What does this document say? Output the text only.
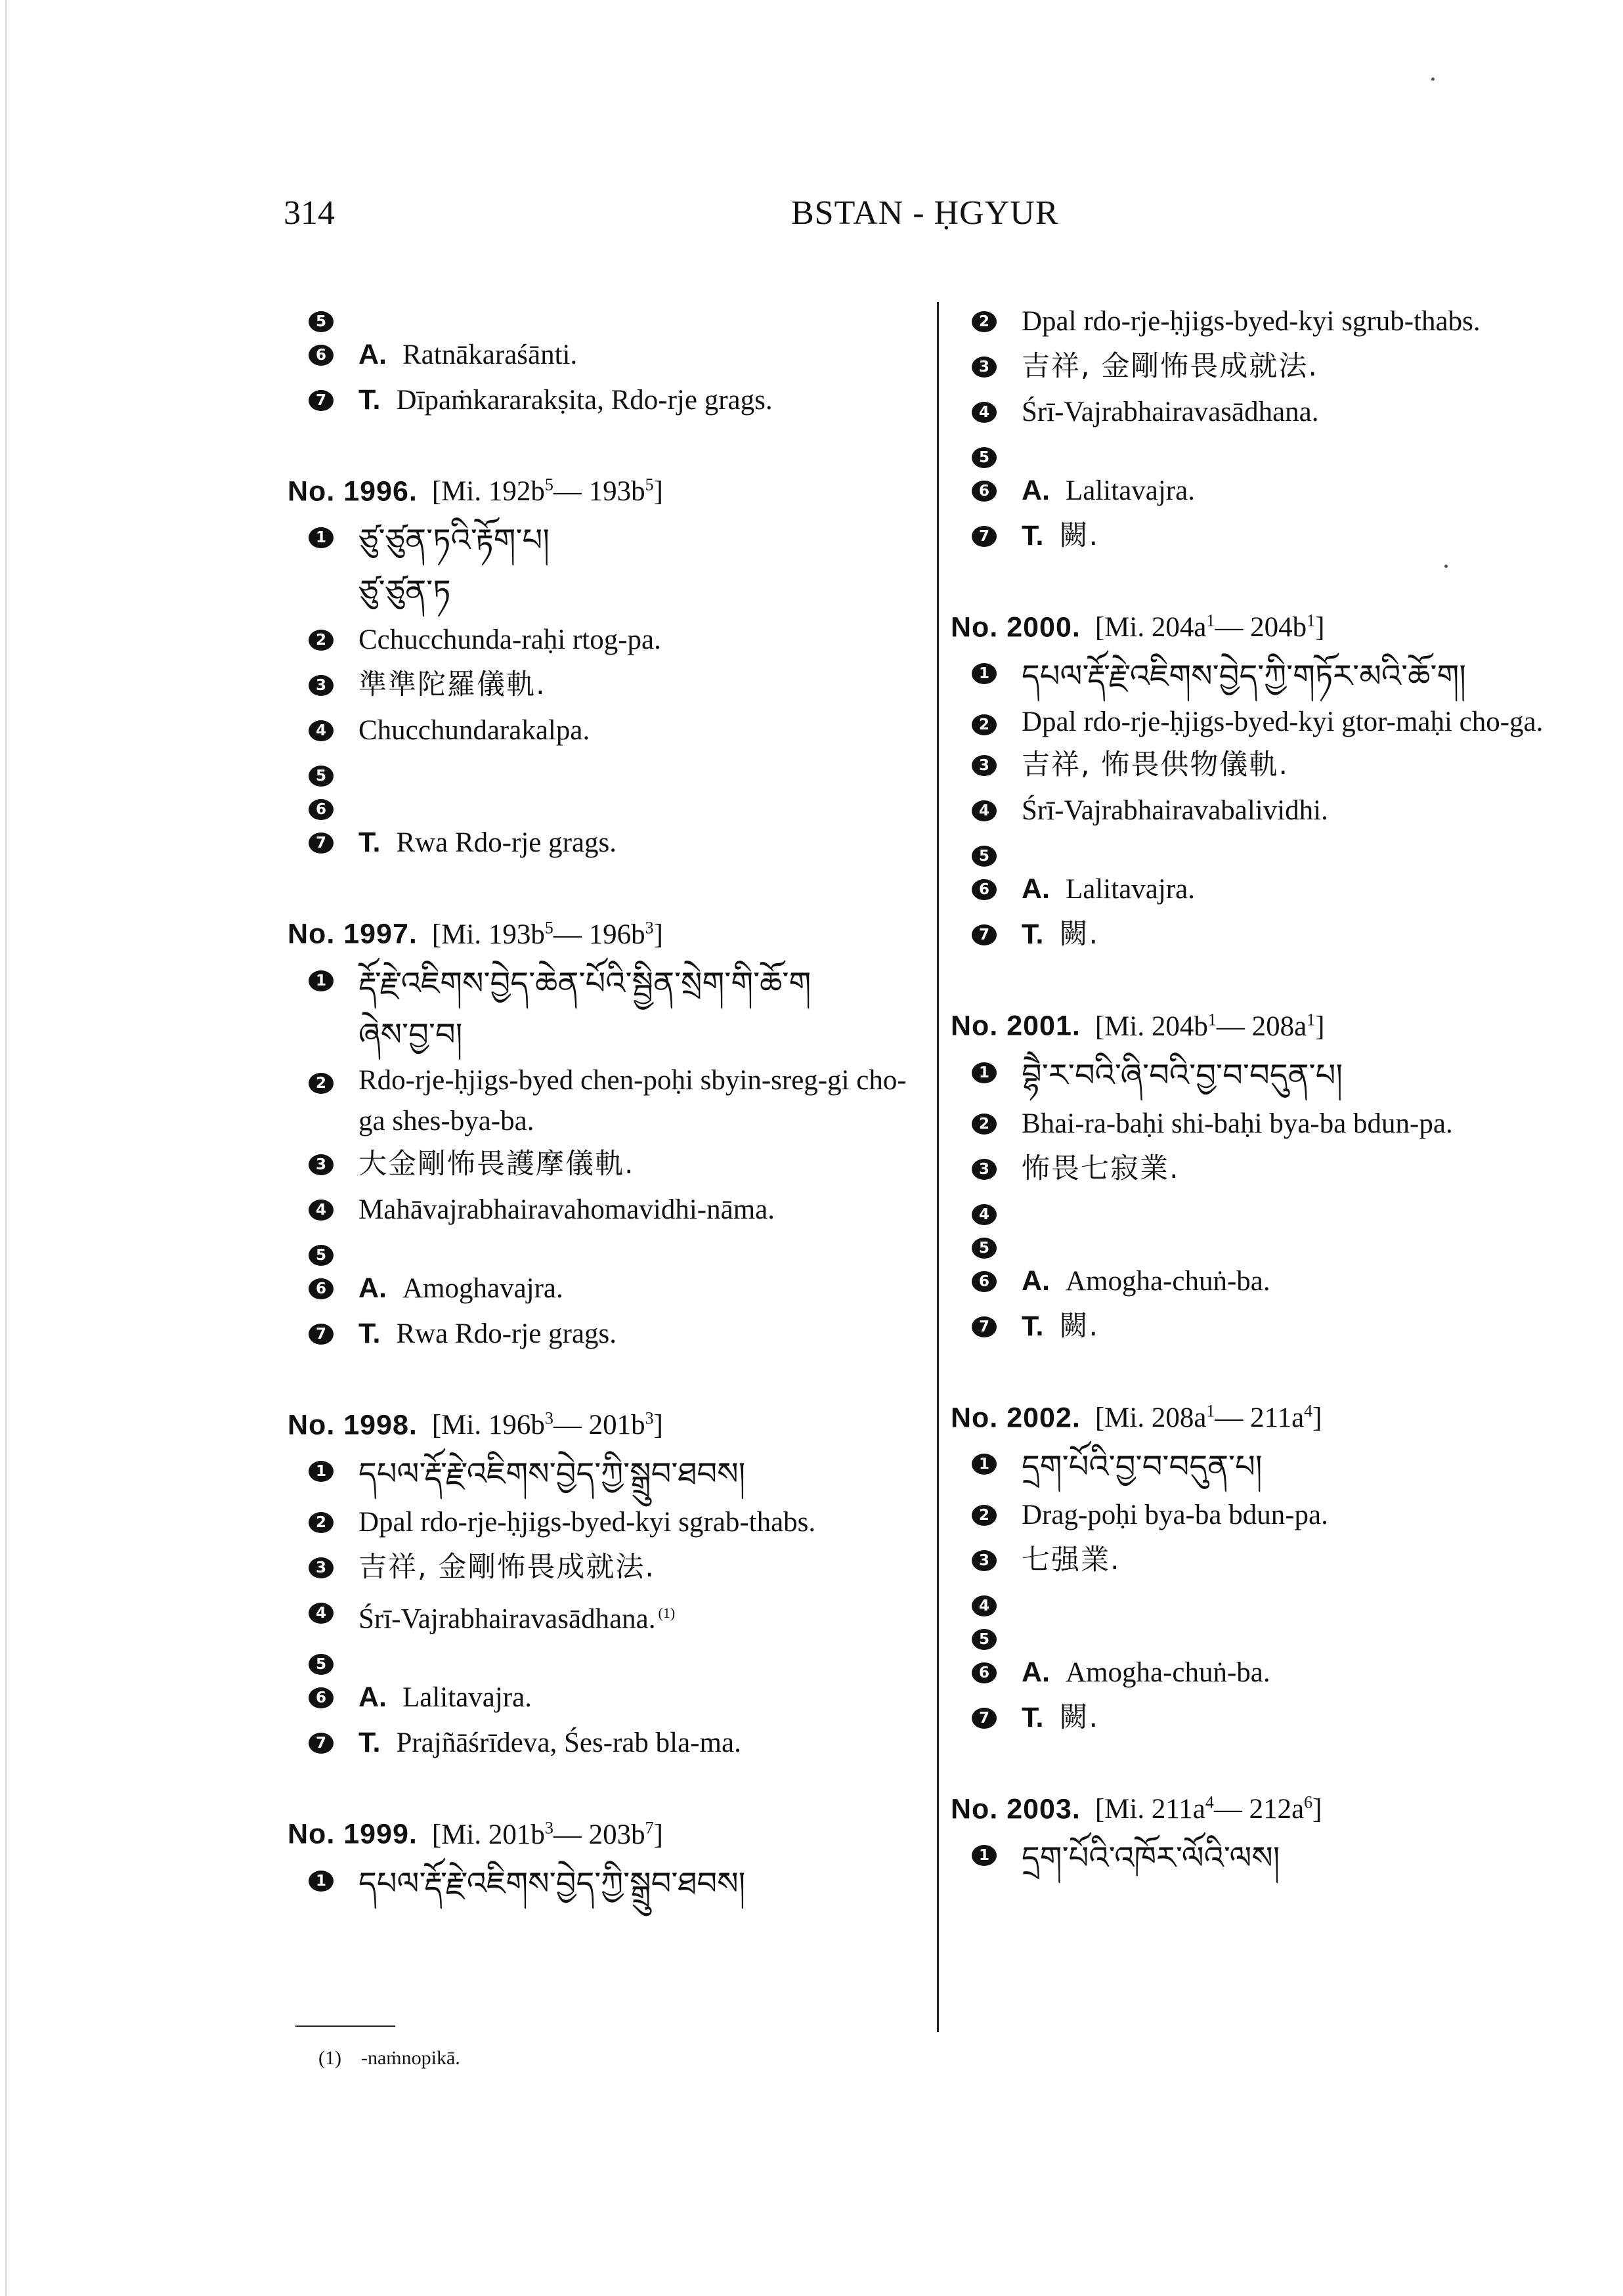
314	BSTAN - ḤGYUR
5
6 A. Ratnākaraśānti.
7 T. Dīpaṁkararakṣita, Rdo-rje grags.
No. 1996. [Mi. $192b^5—$ $193b^5$]
1 ཙུ་ཙུན་ཏའི་རྟོག་པ།
ཙུ་ཙུན་ཏ
2 Cchucchunda-raḥi rtog-pa.
3 準準陀羅儀軌.
4 Chucchundarakalpa.
5
6
7 T. Rwa Rdo-rje grags.
No. 1997. [Mi. $193b^5—$ $196b^3$]
1 རྡོ་རྗེ་འཇིགས་བྱེད་ཆེན་པོའི་སྦྱིན་སྲེག་གི་ཆོ་ག
ཞེས་བྱ་བ།
2 Rdo-rje-ḥjigs-byed chen-poḥi sbyin-sreg-gi cho-ga shes-bya-ba.
3 大金剛怖畏護摩儀軌.
4 Mahāvajrabhairavahomavidhi-nāma.
5
6 A. Amoghavajra.
7 T. Rwa Rdo-rje grags.
No. 1998. [Mi. $196b^3—$ $201b^3$]
1 དཔལ་རྡོ་རྗེ་འཇིགས་བྱེད་ཀྱི་སྒྲུབ་ཐབས།
2 Dpal rdo-rje-ḥjigs-byed-kyi sgrab-thabs.
3 吉祥, 金剛怖畏成就法.
4 Śrī-Vajrabhairavasādhana. $^{(1)}$
5
6 A. Lalitavajra.
7 T. Prajñāśrīdeva, Śes-rab bla-ma.
No. 1999. [Mi. $201b^3—$ $203b^7$]
1 དཔལ་རྡོ་རྗེ་འཇིགས་བྱེད་ཀྱི་སྒྲུབ་ཐབས།
2 Dpal rdo-rje-ḥjigs-byed-kyi sgrub-thabs.
3 吉祥, 金剛怖畏成就法.
4 Śrī-Vajrabhairavasādhana.
5
6 A. Lalitavajra.
7 T. 闕.
No. 2000. [Mi. $204a^1—$ $204b^1$]
1 དཔལ་རྡོ་རྗེ་འཇིགས་བྱེད་ཀྱི་གཏོར་མའི་ཆོ་ག།
2 Dpal rdo-rje-ḥjigs-byed-kyi gtor-maḥi cho-ga.
3 吉祥, 怖畏供物儀軌.
4 Śrī-Vajrabhairavabalividhi.
5
6 A. Lalitavajra.
7 T. 闕.
No. 2001. [Mi. $204b^1—$ $208a^1$]
1 བྷཻ་ར་བའི་ཞི་བའི་བྱ་བ་བདུན་པ།
2 Bhai-ra-baḥi shi-baḥi bya-ba bdun-pa.
3 怖畏七寂業.
4
5
6 A. Amogha-chuṅ-ba.
7 T. 闕.
No. 2002. [Mi. $208a^1—$ $211a^4$]
1 དྲག་པོའི་བྱ་བ་བདུན་པ།
2 Drag-poḥi bya-ba bdun-pa.
3 七强業.
4
5
6 A. Amogha-chuṅ-ba.
7 T. 闕.
No. 2003. [Mi. $211a^4—$ $212a^6$]
1 དྲག་པོའི་འཁོར་ལོའི་ལས།
(1) -naṁnopikā.
